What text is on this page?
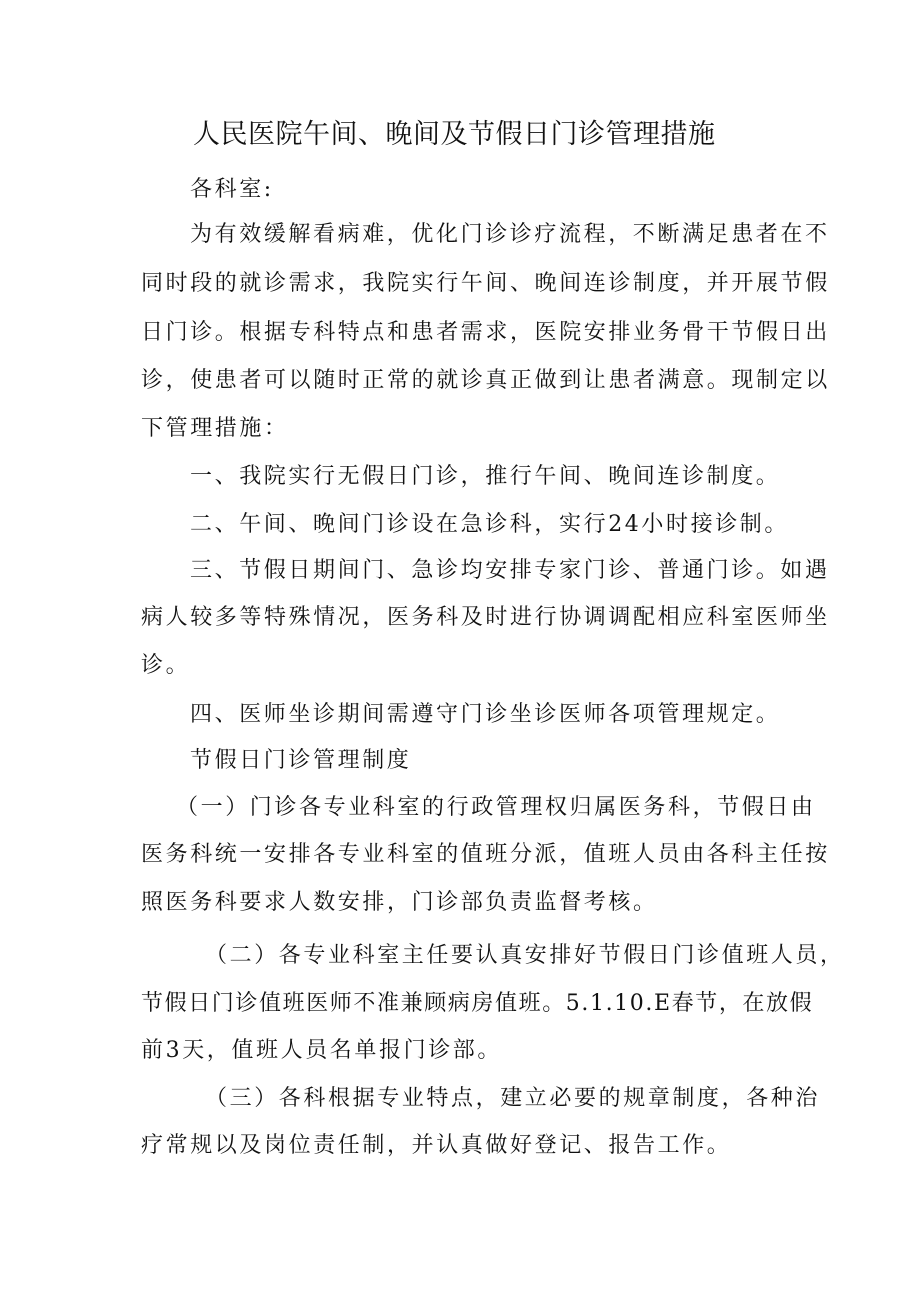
人民医院午间、晚间及节假日门诊管理措施
各科室:
为有效缓解看病难，优化门诊诊疗流程，不断满足患者在不
同时段的就诊需求，我院实行午间、晚间连诊制度，并开展节假
日门诊。根据专科特点和患者需求，医院安排业务骨干节假日出
诊，使患者可以随时正常的就诊真正做到让患者满意。现制定以
下管理措施：
一、我院实行无假日门诊，推行午间、晚间连诊制度。
二、午间、晚间门诊设在急诊科，实行24小时接诊制。
三、节假日期间门、急诊均安排专家门诊、普通门诊。如遇
病人较多等特殊情况，医务科及时进行协调调配相应科室医师坐
诊。
四、医师坐诊期间需遵守门诊坐诊医师各项管理规定。
节假日门诊管理制度
（一）门诊各专业科室的行政管理权归属医务科，节假日由
医务科统一安排各专业科室的值班分派，值班人员由各科主任按
照医务科要求人数安排，门诊部负责监督考核。
（二）各专业科室主任要认真安排好节假日门诊值班人员，
节假日门诊值班医师不准兼顾病房值班。5.1.10.E春节，在放假
前3天，值班人员名单报门诊部。
（三）各科根据专业特点，建立必要的规章制度，各种治
疗常规以及岗位责任制，并认真做好登记、报告工作。
